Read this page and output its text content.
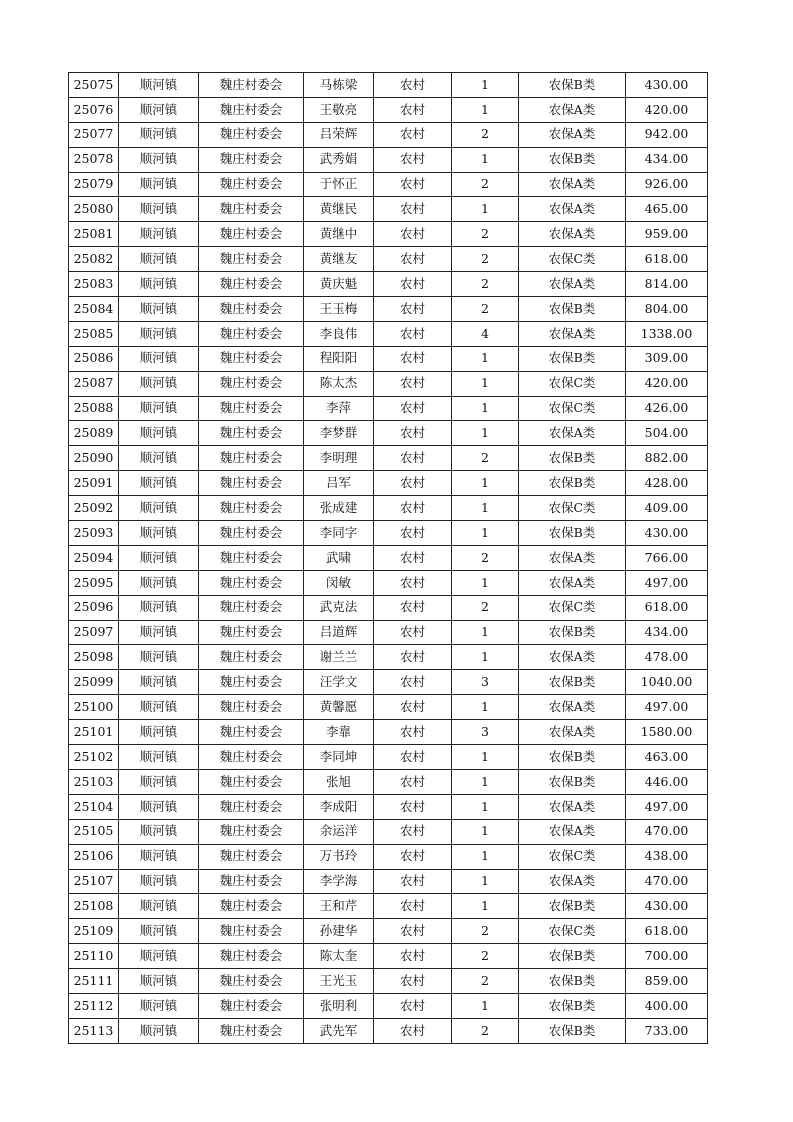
25075	顺河镇	魏庄村委会	马栋梁	农村	1	农保B类	430.00
25076	顺河镇	魏庄村委会	王敬亮	农村	1	农保A类	420.00
25077	顺河镇	魏庄村委会	吕荣辉	农村	2	农保A类	942.00
25078	顺河镇	魏庄村委会	武秀娟	农村	1	农保B类	434.00
25079	顺河镇	魏庄村委会	于怀正	农村	2	农保A类	926.00
25080	顺河镇	魏庄村委会	黄继民	农村	1	农保A类	465.00
25081	顺河镇	魏庄村委会	黄继中	农村	2	农保A类	959.00
25082	顺河镇	魏庄村委会	黄继友	农村	2	农保C类	618.00
25083	顺河镇	魏庄村委会	黄庆魁	农村	2	农保A类	814.00
25084	顺河镇	魏庄村委会	王玉梅	农村	2	农保B类	804.00
25085	顺河镇	魏庄村委会	李良伟	农村	4	农保A类	1338.00
25086	顺河镇	魏庄村委会	程阳阳	农村	1	农保B类	309.00
25087	顺河镇	魏庄村委会	陈太杰	农村	1	农保C类	420.00
25088	顺河镇	魏庄村委会	李萍	农村	1	农保C类	426.00
25089	顺河镇	魏庄村委会	李梦群	农村	1	农保A类	504.00
25090	顺河镇	魏庄村委会	李明理	农村	2	农保B类	882.00
25091	顺河镇	魏庄村委会	吕军	农村	1	农保B类	428.00
25092	顺河镇	魏庄村委会	张成建	农村	1	农保C类	409.00
25093	顺河镇	魏庄村委会	李同字	农村	1	农保B类	430.00
25094	顺河镇	魏庄村委会	武啸	农村	2	农保A类	766.00
25095	顺河镇	魏庄村委会	闵敏	农村	1	农保A类	497.00
25096	顺河镇	魏庄村委会	武克法	农村	2	农保C类	618.00
25097	顺河镇	魏庄村委会	吕道辉	农村	1	农保B类	434.00
25098	顺河镇	魏庄村委会	谢兰兰	农村	1	农保A类	478.00
25099	顺河镇	魏庄村委会	汪学文	农村	3	农保B类	1040.00
25100	顺河镇	魏庄村委会	黄馨愿	农村	1	农保A类	497.00
25101	顺河镇	魏庄村委会	李靠	农村	3	农保A类	1580.00
25102	顺河镇	魏庄村委会	李同坤	农村	1	农保B类	463.00
25103	顺河镇	魏庄村委会	张旭	农村	1	农保B类	446.00
25104	顺河镇	魏庄村委会	李成阳	农村	1	农保A类	497.00
25105	顺河镇	魏庄村委会	余运洋	农村	1	农保A类	470.00
25106	顺河镇	魏庄村委会	万书玲	农村	1	农保C类	438.00
25107	顺河镇	魏庄村委会	李学海	农村	1	农保A类	470.00
25108	顺河镇	魏庄村委会	王和芹	农村	1	农保B类	430.00
25109	顺河镇	魏庄村委会	孙建华	农村	2	农保C类	618.00
25110	顺河镇	魏庄村委会	陈太奎	农村	2	农保B类	700.00
25111	顺河镇	魏庄村委会	王光玉	农村	2	农保B类	859.00
25112	顺河镇	魏庄村委会	张明利	农村	1	农保B类	400.00
25113	顺河镇	魏庄村委会	武先军	农村	2	农保B类	733.00
